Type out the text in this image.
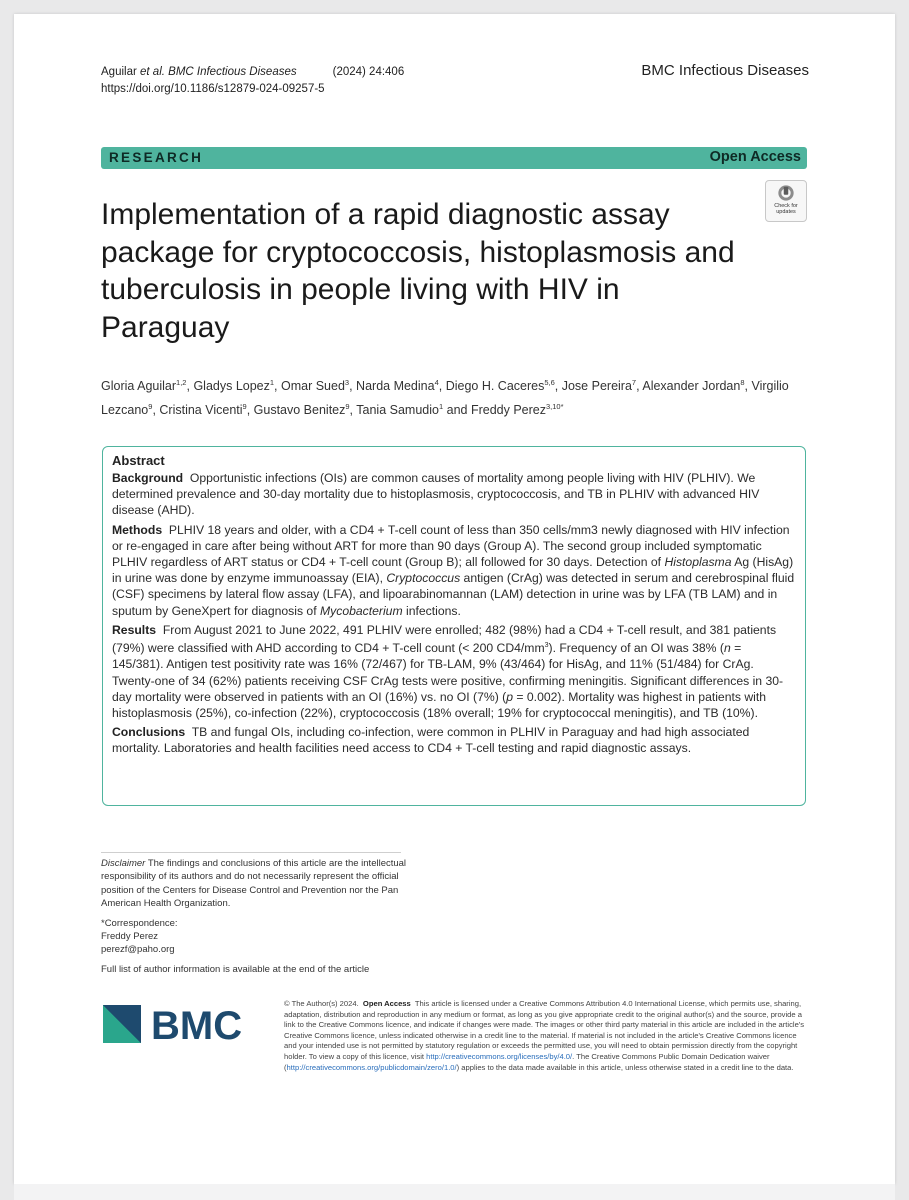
Aguilar et al. BMC Infectious Diseases	(2024) 24:406
https://doi.org/10.1186/s12879-024-09257-5
BMC Infectious Diseases
RESEARCH	Open Access
Check for
updates
Implementation of a rapid diagnostic assay package for cryptococcosis, histoplasmosis and tuberculosis in people living with HIV in Paraguay
Gloria Aguilar$^{1,2}$, Gladys Lopez$^1$, Omar Sued$^3$, Narda Medina$^4$, Diego H. Caceres$^{5,6}$, Jose Pereira$^7$, Alexander Jordan$^8$, Virgilio Lezcano$^9$, Cristina Vicenti$^9$, Gustavo Benitez$^9$, Tania Samudio$^1$ and Freddy Perez$^{3,10*}$
Abstract

Background Opportunistic infections (OIs) are common causes of mortality among people living with HIV (PLHIV). We determined prevalence and 30-day mortality due to histoplasmosis, cryptococcosis, and TB in PLHIV with advanced HIV disease (AHD).

Methods PLHIV 18 years and older, with a CD4 + T-cell count of less than 350 cells/mm3 newly diagnosed with HIV infection or re-engaged in care after being without ART for more than 90 days (Group A). The second group included symptomatic PLHIV regardless of ART status or CD4 + T-cell count (Group B); all followed for 30 days. Detection of Histoplasma Ag (HisAg) in urine was done by enzyme immunoassay (EIA), Cryptococcus antigen (CrAg) was detected in serum and cerebrospinal fluid (CSF) specimens by lateral flow assay (LFA), and lipoarabinomannan (LAM) detection in urine was by LFA (TB LAM) and in sputum by GeneXpert for diagnosis of Mycobacterium infections.

Results From August 2021 to June 2022, 491 PLHIV were enrolled; 482 (98%) had a CD4 + T-cell result, and 381 patients (79%) were classified with AHD according to CD4 + T-cell count (< 200 $CD4/mm^3$). Frequency of an OI was 38% (n = 145/381). Antigen test positivity rate was 16% (72/467) for TB-LAM, 9% (43/464) for HisAg, and 11% (51/484) for CrAg. Twenty-one of 34 (62%) patients receiving CSF CrAg tests were positive, confirming meningitis. Significant differences in 30-day mortality were observed in patients with an OI (16%) vs. no OI (7%) (p = 0.002). Mortality was highest in patients with histoplasmosis (25%), co-infection (22%), cryptococcosis (18% overall; 19% for cryptococcal meningitis), and TB (10%).

Conclusions TB and fungal OIs, including co-infection, were common in PLHIV in Paraguay and had high associated mortality. Laboratories and health facilities need access to CD4 + T-cell testing and rapid diagnostic assays.

Disclaimer The findings and conclusions of this article are the intellectual responsibility of its authors and do not necessarily represent the official position of the Centers for Disease Control and Prevention nor the Pan American Health Organization.

*Correspondence:
Freddy Perez
perezf@paho.org

Full list of author information is available at the end of the article

BMC
© The Author(s) 2024. Open Access This article is licensed under a Creative Commons Attribution 4.0 International License, which permits use, sharing, adaptation, distribution and reproduction in any medium or format, as long as you give appropriate credit to the original author(s) and the source, provide a link to the Creative Commons licence, and indicate if changes were made. The images or other third party material in this article are included in the article's Creative Commons licence, unless indicated otherwise in a credit line to the material. If material is not included in the article's Creative Commons licence and your intended use is not permitted by statutory regulation or exceeds the permitted use, you will need to obtain permission directly from the copyright holder. To view a copy of this licence, visit http://creativecommons.org/licenses/by/4.0/. The Creative Commons Public Domain Dedication waiver (http://creativecommons.org/publicdomain/zero/1.0/) applies to the data made available in this article, unless otherwise stated in a credit line to the data.
